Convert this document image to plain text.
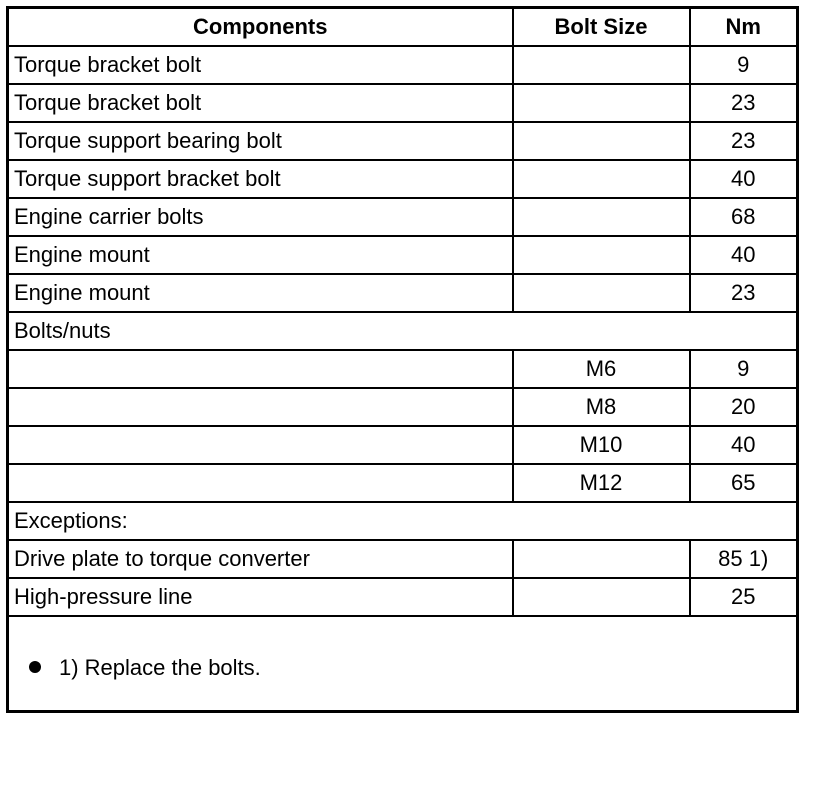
Components	Bolt Size	Nm
Torque bracket bolt		9
Torque bracket bolt		23
Torque support bearing bolt		23
Torque support bracket bolt		40
Engine carrier bolts		68
Engine mount		40
Engine mount		23
Bolts/nuts		
	M6	9
	M8	20
	M10	40
	M12	65
Exceptions:		
Drive plate to torque converter		85 1)
High-pressure line		25
1) Replace the bolts.		
